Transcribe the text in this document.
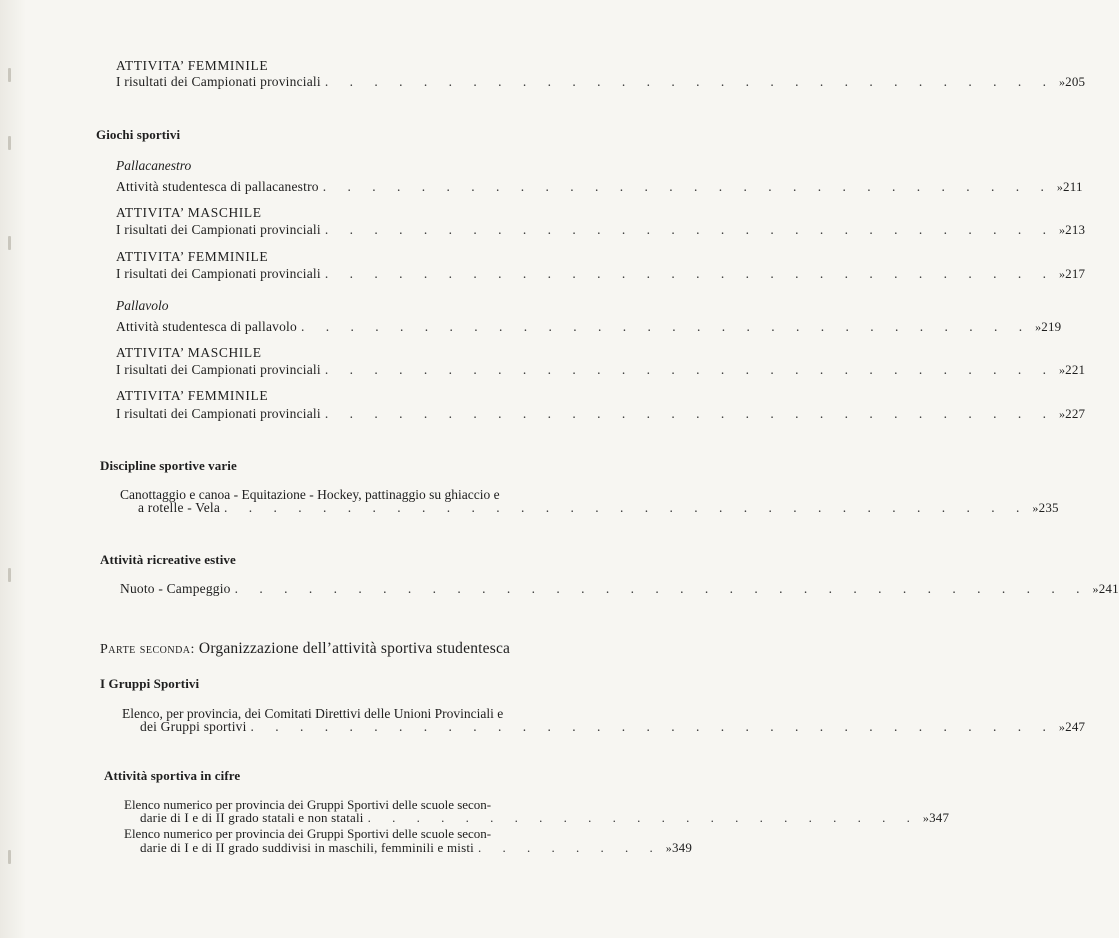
ATTIVITA’ FEMMINILE
I risultati dei Campionati provinciali . . . . . . . . . . . . . . . . . . . . . . . . . . . . . . » 205
Giochi sportivi
Pallacanestro
Attività studentesca di pallacanestro . . . . . . . . . . . . . . . . . . . . . . . . . . . . . . » 211
ATTIVITA’ MASCHILE
I risultati dei Campionati provinciali . . . . . . . . . . . . . . . . . . . . . . . . . . . . . . » 213
ATTIVITA’ FEMMINILE
I risultati dei Campionati provinciali . . . . . . . . . . . . . . . . . . . . . . . . . . . . . . » 217
Pallavolo
Attività studentesca di pallavolo . . . . . . . . . . . . . . . . . . . . . . . . . . . . . . » 219
ATTIVITA’ MASCHILE
I risultati dei Campionati provinciali . . . . . . . . . . . . . . . . . . . . . . . . . . . . . . » 221
ATTIVITA’ FEMMINILE
I risultati dei Campionati provinciali . . . . . . . . . . . . . . . . . . . . . . . . . . . . . . » 227
Discipline sportive varie
Canottaggio e canoa - Equitazione - Hockey, pattinaggio su ghiaccio e
a rotelle - Vela . . . . . . . . . . . . . . . . . . . . . . . . . . . . . . . . . » 235
Attività ricreative estive
Nuoto - Campeggio . . . . . . . . . . . . . . . . . . . . . . . . . . . . . . . . . . . » 241
Parte seconda: Organizzazione dell’attività sportiva studentesca
I Gruppi Sportivi
Elenco, per provincia, dei Comitati Direttivi delle Unioni Provinciali e
dei Gruppi sportivi . . . . . . . . . . . . . . . . . . . . . . . . . . . . . . . . . » 247
Attività sportiva in cifre
Elenco numerico per provincia dei Gruppi Sportivi delle scuole secon-
darie di I e di II grado statali e non statali . . . . . . . . . . . . . . . . . . . . . . . » 347
Elenco numerico per provincia dei Gruppi Sportivi delle scuole secon-
darie di I e di II grado suddivisi in maschili, femminili e misti . . . . . . . . » 349
